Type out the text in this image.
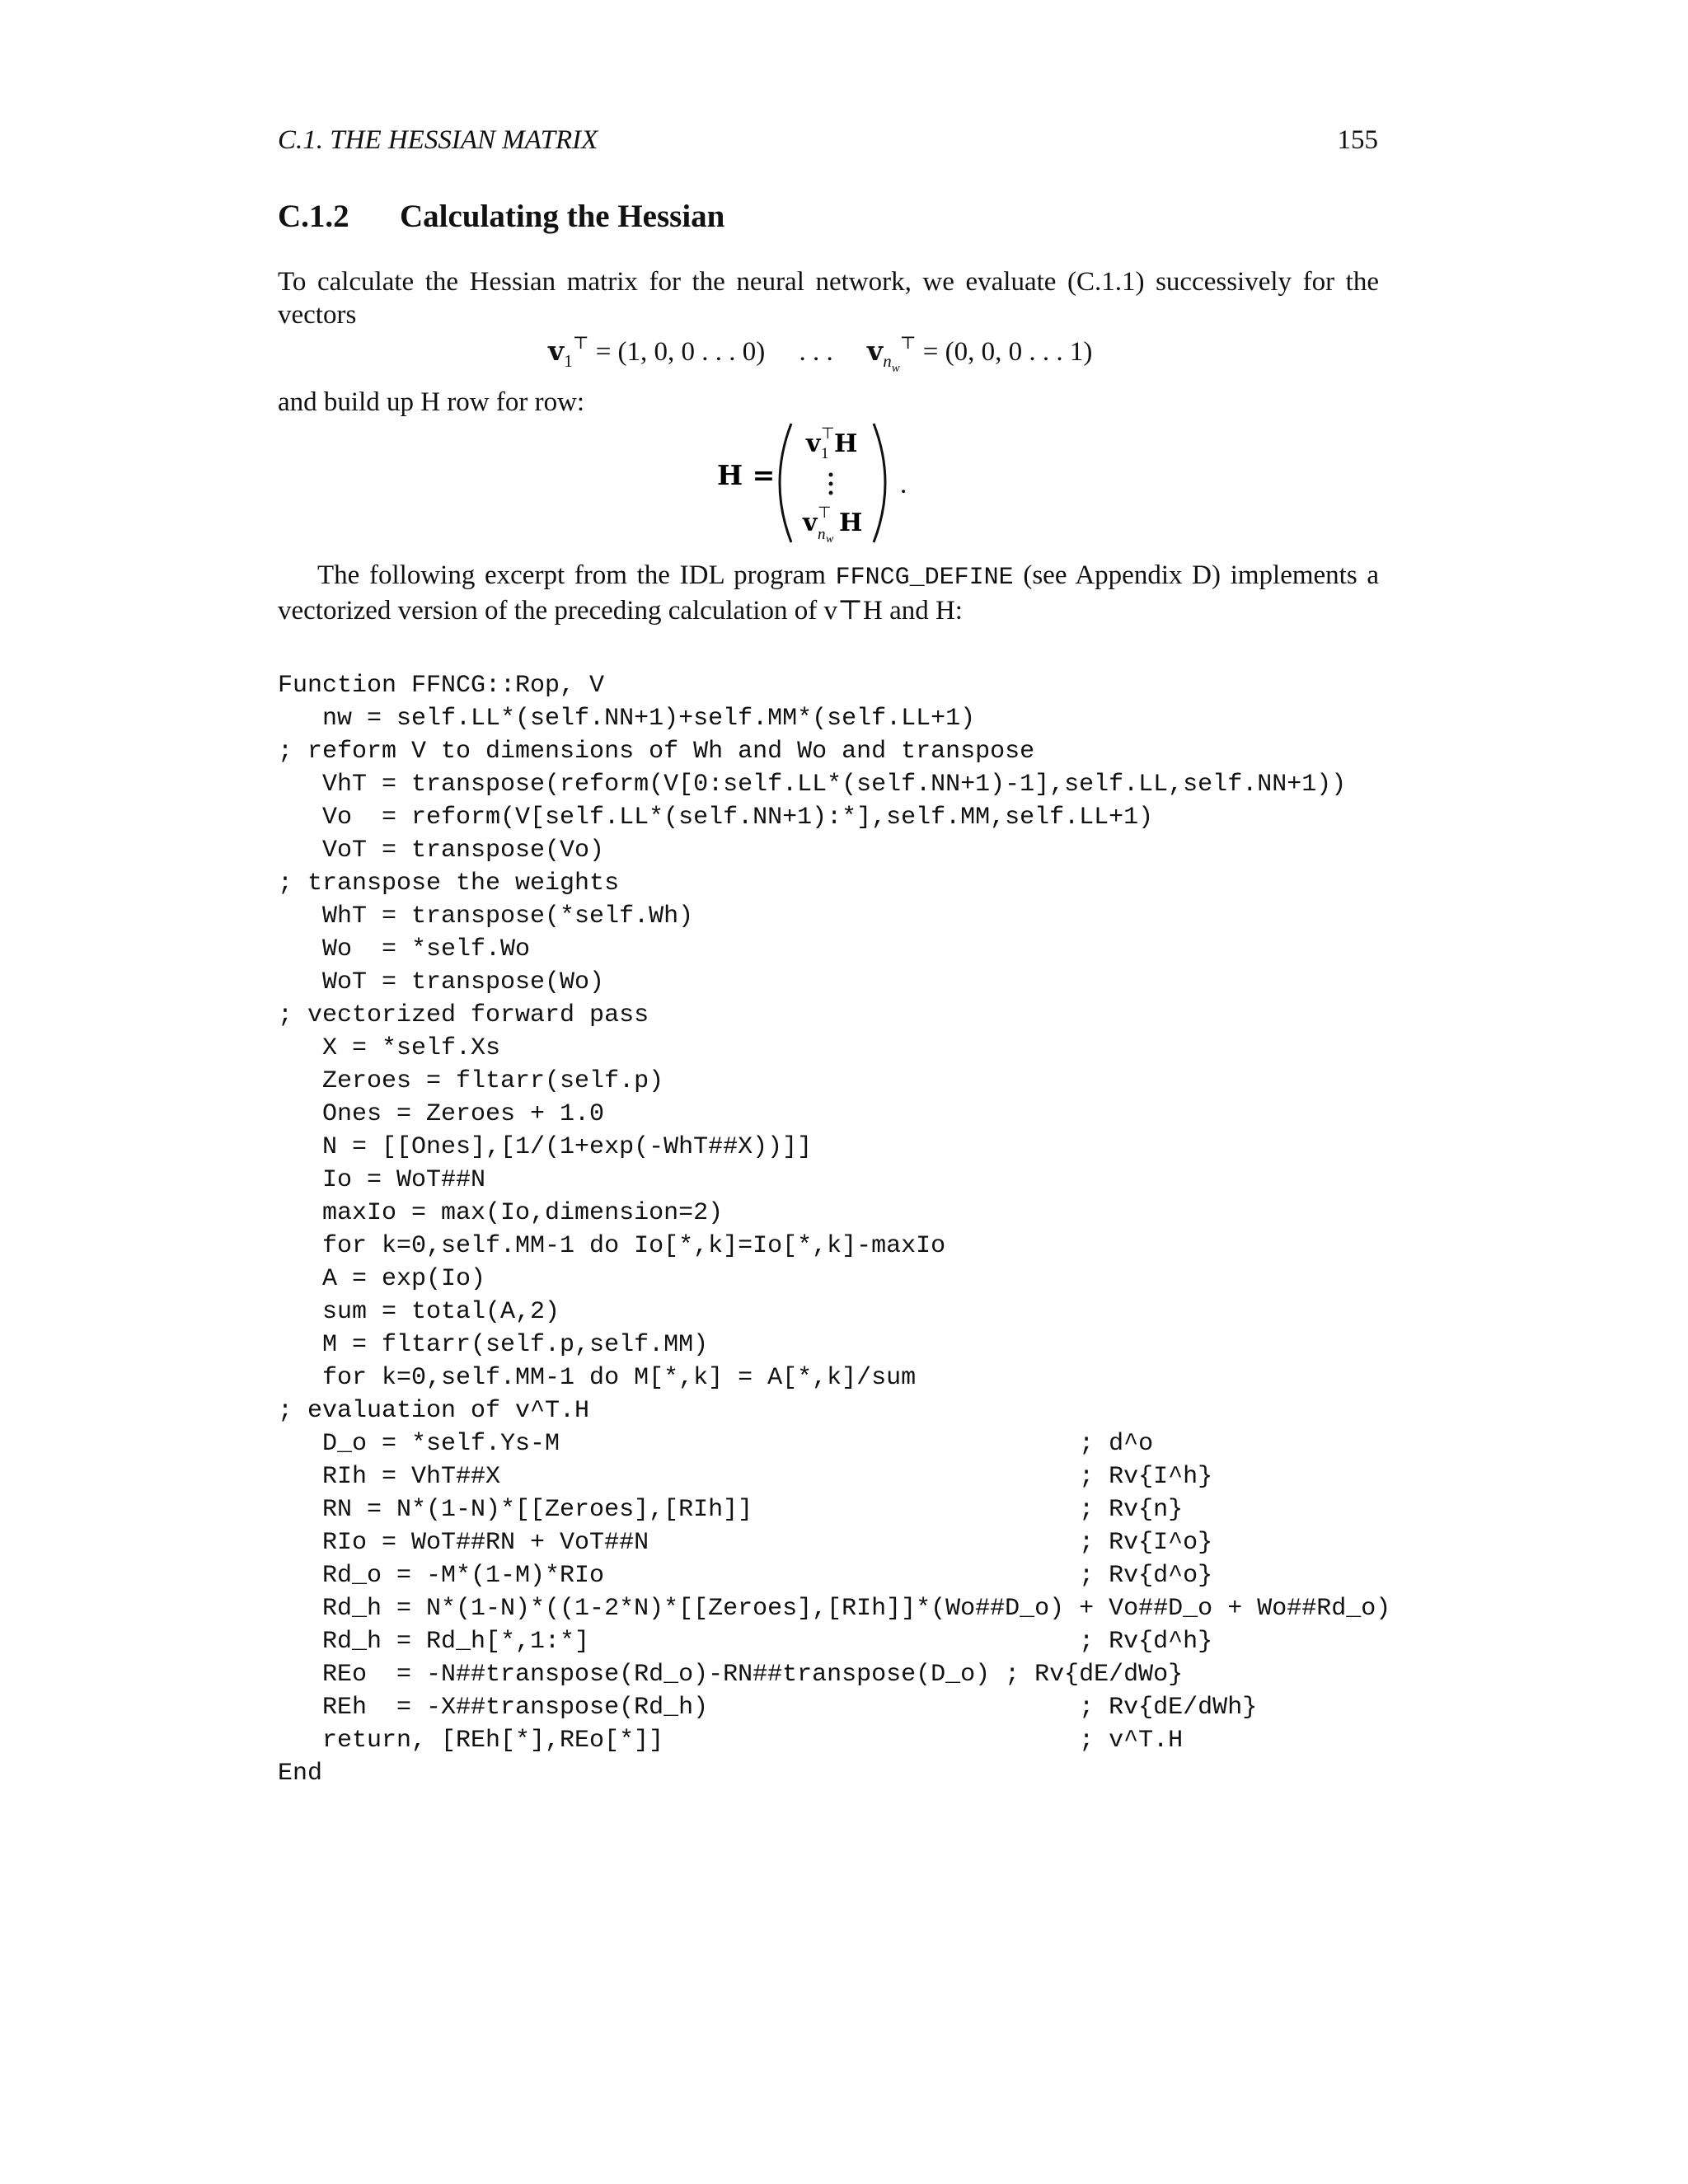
C.1. THE HESSIAN MATRIX	155
C.1.2 Calculating the Hessian
To calculate the Hessian matrix for the neural network, we evaluate (C.1.1) successively for the vectors
$v_1^⊤ = (1$, 0, 0 . . . 0) . . . $v_{n_w}^⊤ = (0$, 0, 0 . . . 1)
and build up H row for row:
H =
v 1
⊤ H
v n w
⊤ H
.
The following excerpt from the IDL program FFNCG_DEFINE (see Appendix D) implements a vectorized version of the preceding calculation of v⊤H and H:
Function FFNCG::Rop, V
nw = self.LL*(self.NN+1)+self.MM*(self.LL+1)
; reform V to dimensions of Wh and Wo and transpose
VhT = transpose(reform(V[0:self.LL*(self.NN+1)-1],self.LL,self.NN+1))
Vo  = reform(V[self.LL*(self.NN+1):*],self.MM,self.LL+1)
VoT = transpose(Vo)
; transpose the weights
WhT = transpose(*self.Wh)
Wo  = *self.Wo
WoT = transpose(Wo)
; vectorized forward pass
X = *self.Xs
Zeroes = fltarr(self.p)
Ones = Zeroes + 1.0
N = [[Ones],[1/(1+exp(-WhT##X))]]
Io = WoT##N
maxIo = max(Io,dimension=2)
for k=0,self.MM-1 do Io[*,k]=Io[*,k]-maxIo
A = exp(Io)
sum = total(A,2)
M = fltarr(self.p,self.MM)
for k=0,self.MM-1 do M[*,k] = A[*,k]/sum
; evaluation of v^T.H
D_o = *self.Ys-M                                   ; d^o
RIh = VhT##X                                       ; Rv{I^h}
RN = N*(1-N)*[[Zeroes],[RIh]]                      ; Rv{n}
RIo = WoT##RN + VoT##N                             ; Rv{I^o}
Rd_o = -M*(1-M)*RIo                                ; Rv{d^o}
Rd_h = N*(1-N)*((1-2*N)*[[Zeroes],[RIh]]*(Wo##D_o) + Vo##D_o + Wo##Rd_o)
Rd_h = Rd_h[*,1:*]                                 ; Rv{d^h}
REo  = -N##transpose(Rd_o)-RN##transpose(D_o) ; Rv{dE/dWo}
REh  = -X##transpose(Rd_h)                         ; Rv{dE/dWh}
return, [REh[*],REo[*]]                            ; v^T.H
End
